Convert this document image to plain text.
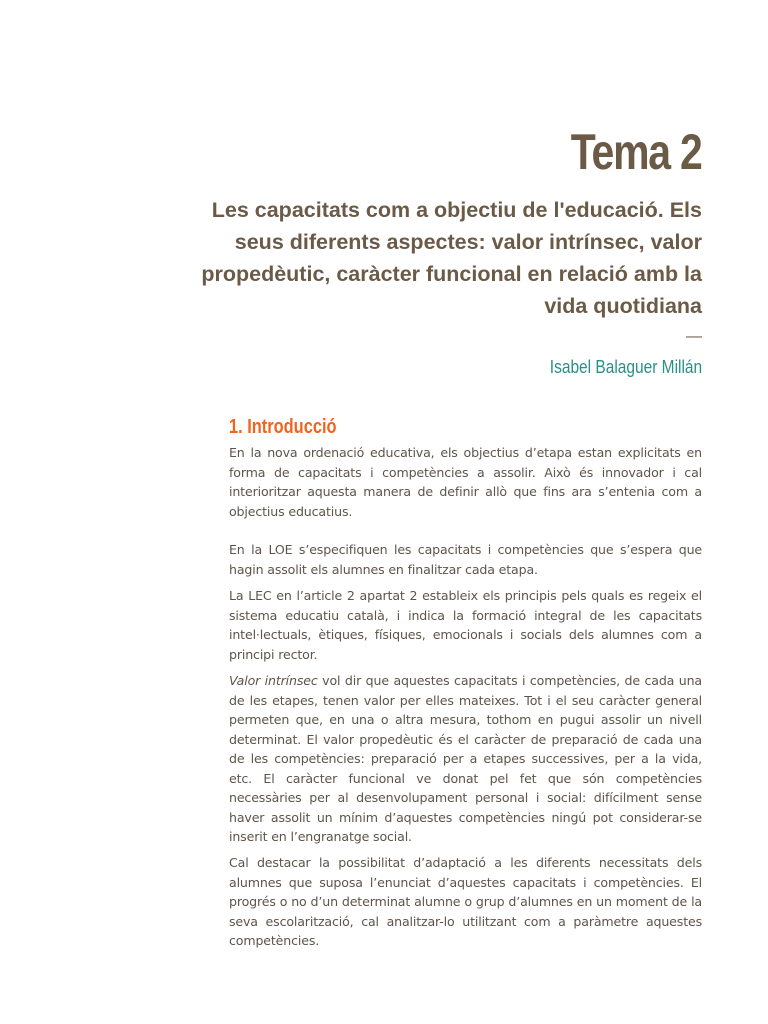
Tema 2
Les capacitats com a objectiu de l'educació. Els seus diferents aspectes: valor intrínsec, valor propedèutic, caràcter funcional en relació amb la vida quotidiana
—
Isabel Balaguer Millán
1. Introducció

En la nova ordenació educativa, els objectius d’etapa estan explicitats en forma de capacitats i competències a assolir. Això és innovador i cal interioritzar aquesta manera de definir allò que fins ara s’entenia com a objectius educatius.

En la LOE s’especifiquen les capacitats i competències que s’espera que hagin assolit els alumnes en finalitzar cada etapa.

La LEC en l’article 2 apartat 2 estableix els principis pels quals es regeix el sistema educatiu català, i indica la formació integral de les capacitats intel·lectuals, ètiques, físiques, emocionals i socials dels alumnes com a principi rector.

Valor intrínsec vol dir que aquestes capacitats i competències, de cada una de les etapes, tenen valor per elles mateixes. Tot i el seu caràcter general permeten que, en una o altra mesura, tothom en pugui assolir un nivell determinat. El valor propedèutic és el caràcter de preparació de cada una de les competències: preparació per a etapes successives, per a la vida, etc. El caràcter funcional ve donat pel fet que són competències necessàries per al desenvolupament personal i social: difícilment sense haver assolit un mínim d’aquestes competències ningú pot considerar-se inserit en l’engranatge social.

Cal destacar la possibilitat d’adaptació a les diferents necessitats dels alumnes que suposa l’enunciat d’aquestes capacitats i competències. El progrés o no d’un determinat alumne o grup d’alumnes en un moment de la seva escolarització, cal analitzar-lo utilitzant com a paràmetre aquestes competències.
